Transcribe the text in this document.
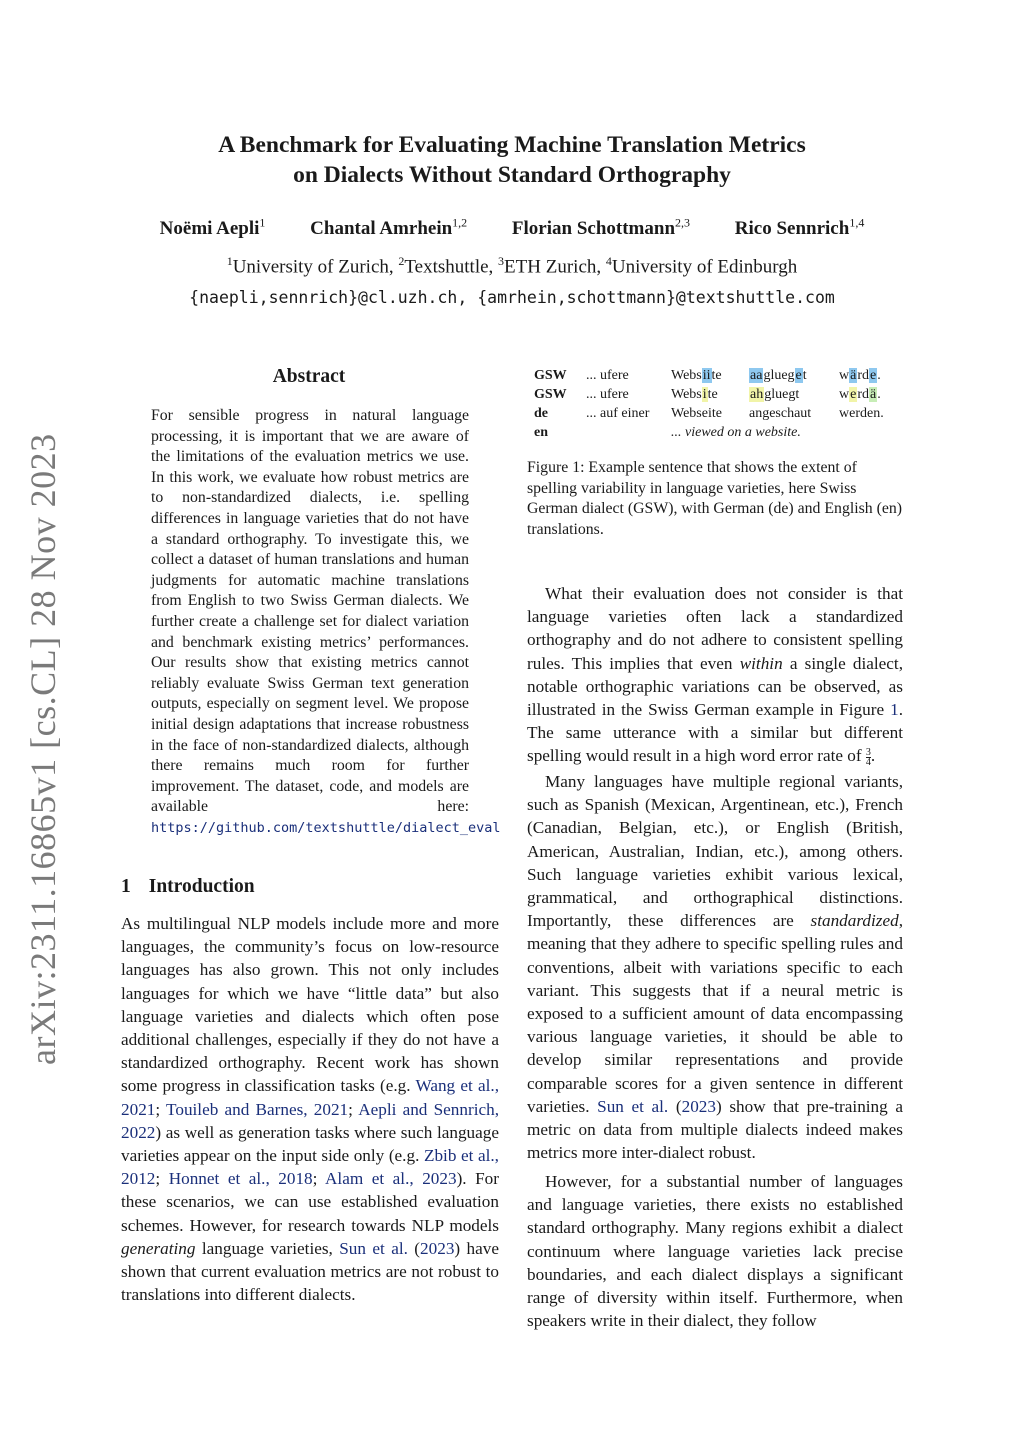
A Benchmark for Evaluating Machine Translation Metrics
on Dialects Without Standard Orthography
Noëmi Aepli$^1$ Chantal Amrhein$^{1,2}$ Florian Schottmann$^{2,3}$ Rico Sennrich$^{1,4}$
$^1$University of Zurich, $^2$Textshuttle, $^3$ETH Zurich, $^4$University of Edinburgh
{naepli,sennrich}@cl.uzh.ch, {amrhein,schottmann}@textshuttle.com
arXiv:2311.16865v1 [cs.CL] 28 Nov 2023
Abstract
For sensible progress in natural language processing, it is important that we are aware of the limitations of the evaluation metrics we use. In this work, we evaluate how robust metrics are to non-standardized dialects, i.e. spelling differences in language varieties that do not have a standard orthography. To investigate this, we collect a dataset of human translations and human judgments for automatic machine translations from English to two Swiss German dialects. We further create a challenge set for dialect variation and benchmark existing metrics’ performances. Our results show that existing metrics cannot reliably evaluate Swiss German text generation outputs, especially on segment level. We propose initial design adaptations that increase robustness in the face of non-standardized dialects, although there remains much room for further improvement. The dataset, code, and models are available here: https://github.com/textshuttle/dialect_eval
1 Introduction
As multilingual NLP models include more and more languages, the community’s focus on low-resource languages has also grown. This not only includes languages for which we have “little data” but also language varieties and dialects which often pose additional challenges, especially if they do not have a standardized orthography. Recent work has shown some progress in classification tasks (e.g. Wang et al., 2021; Touileb and Barnes, 2021; Aepli and Sennrich, 2022) as well as generation tasks where such language varieties appear on the input side only (e.g. Zbib et al., 2012; Honnet et al., 2018; Alam et al., 2023). For these scenarios, we can use established evaluation schemes. However, for research towards NLP models generating language varieties, Sun et al. (2023) have shown that current evaluation metrics are not robust to translations into different dialects.
GSW	... ufere	Websiite	aaglueget	wärde.
GSW	... ufere	Website	ahgluegt	werdä.
de	... auf einer	Webseite	angeschaut	werden.
en		... viewed on a website.		
Figure 1: Example sentence that shows the extent of spelling variability in language varieties, here Swiss German dialect (GSW), with German (de) and English (en) translations.
What their evaluation does not consider is that language varieties often lack a standardized orthography and do not adhere to consistent spelling rules. This implies that even within a single dialect, notable orthographic variations can be observed, as illustrated in the Swiss German example in Figure 1. The same utterance with a similar but different spelling would result in a high word error rate of $\frac{3}{4}$ .
Many languages have multiple regional variants, such as Spanish (Mexican, Argentinean, etc.), French (Canadian, Belgian, etc.), or English (British, American, Australian, Indian, etc.), among others. Such language varieties exhibit various lexical, grammatical, and orthographical distinctions. Importantly, these differences are standardized, meaning that they adhere to specific spelling rules and conventions, albeit with variations specific to each variant. This suggests that if a neural metric is exposed to a sufficient amount of data encompassing various language varieties, it should be able to develop similar representations and provide comparable scores for a given sentence in different varieties. Sun et al. (2023) show that pre-training a metric on data from multiple dialects indeed makes metrics more inter-dialect robust.
However, for a substantial number of languages and language varieties, there exists no established standard orthography. Many regions exhibit a dialect continuum where language varieties lack precise boundaries, and each dialect displays a significant range of diversity within itself. Furthermore, when speakers write in their dialect, they follow
